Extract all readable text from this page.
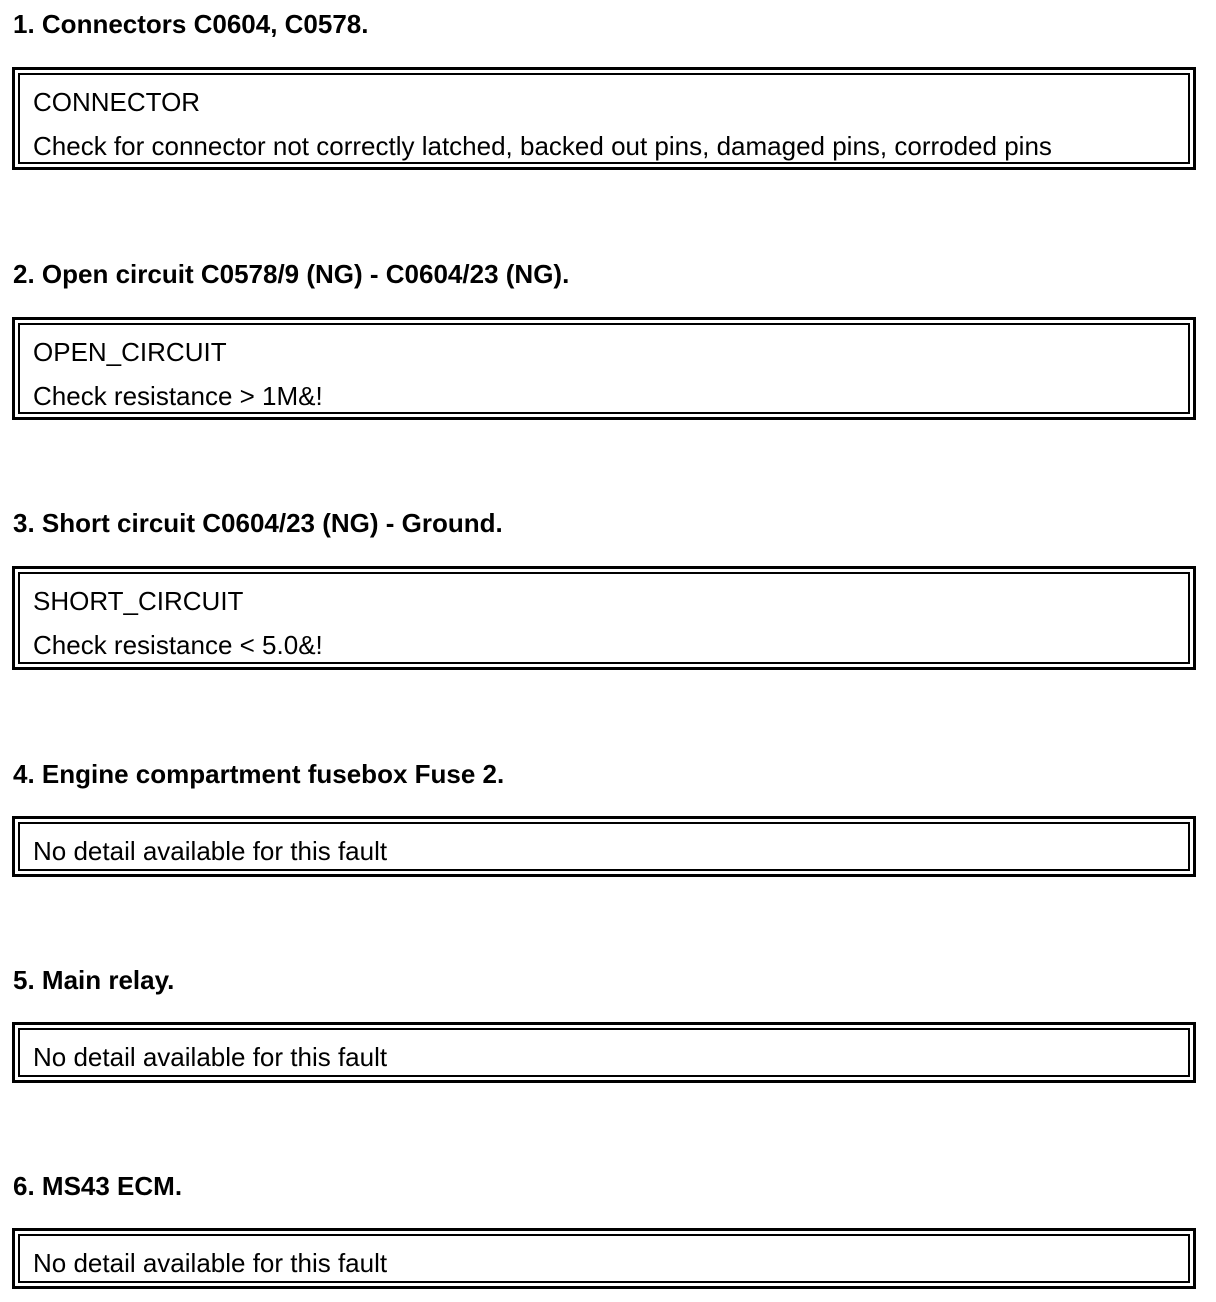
1. Connectors C0604, C0578.
CONNECTOR
Check for connector not correctly latched, backed out pins, damaged pins, corroded pins
2. Open circuit C0578/9 (NG) - C0604/23 (NG).
OPEN_CIRCUIT
Check resistance > 1M&!
3. Short circuit C0604/23 (NG) - Ground.
SHORT_CIRCUIT
Check resistance < 5.0&!
4. Engine compartment fusebox Fuse 2.
No detail available for this fault
5. Main relay.
No detail available for this fault
6. MS43 ECM.
No detail available for this fault
